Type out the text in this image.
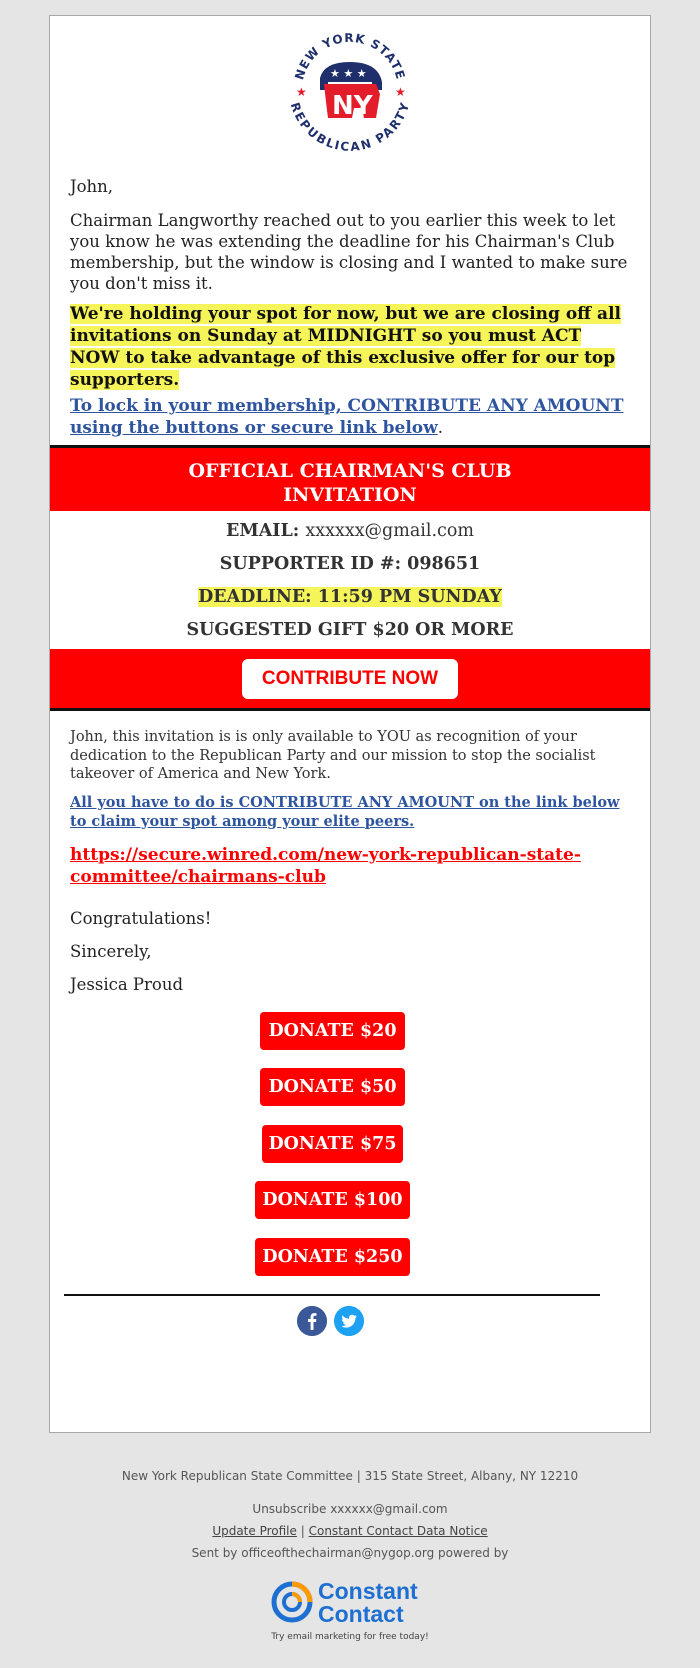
NEW YORK STATE
REPUBLICAN PARTY
★	★
★ ★ ★
NY

John,

Chairman Langworthy reached out to you earlier this week to let you know he was extending the deadline for his Chairman's Club membership, but the window is closing and I wanted to make sure you don't miss it.

We're holding your spot for now, but we are closing off all invitations on Sunday at MIDNIGHT so you must ACT NOW to take advantage of this exclusive offer for our top supporters.

To lock in your membership, CONTRIBUTE ANY AMOUNT using the buttons or secure link below.

OFFICIAL CHAIRMAN'S CLUB
INVITATION
EMAIL: xxxxxx@gmail.com
SUPPORTER ID #: 098651
DEADLINE: 11:59 PM SUNDAY
SUGGESTED GIFT $20 OR MORE
CONTRIBUTE NOW

John, this invitation is is only available to YOU as recognition of your dedication to the Republican Party and our mission to stop the socialist takeover of America and New York.

All you have to do is CONTRIBUTE ANY AMOUNT on the link below to claim your spot among your elite peers.

https://secure.winred.com/new-york-republican-state-committee/chairmans-club

Congratulations!
Sincerely,
Jessica Proud
DONATE $20
DONATE $50
DONATE $75
DONATE $100
DONATE $250
New York Republican State Committee | 315 State Street, Albany, NY 12210
Unsubscribe xxxxxx@gmail.com
Update Profile | Constant Contact Data Notice
Sent by officeofthechairman@nygop.org powered by
Constant
Contact
Try email marketing for free today!
